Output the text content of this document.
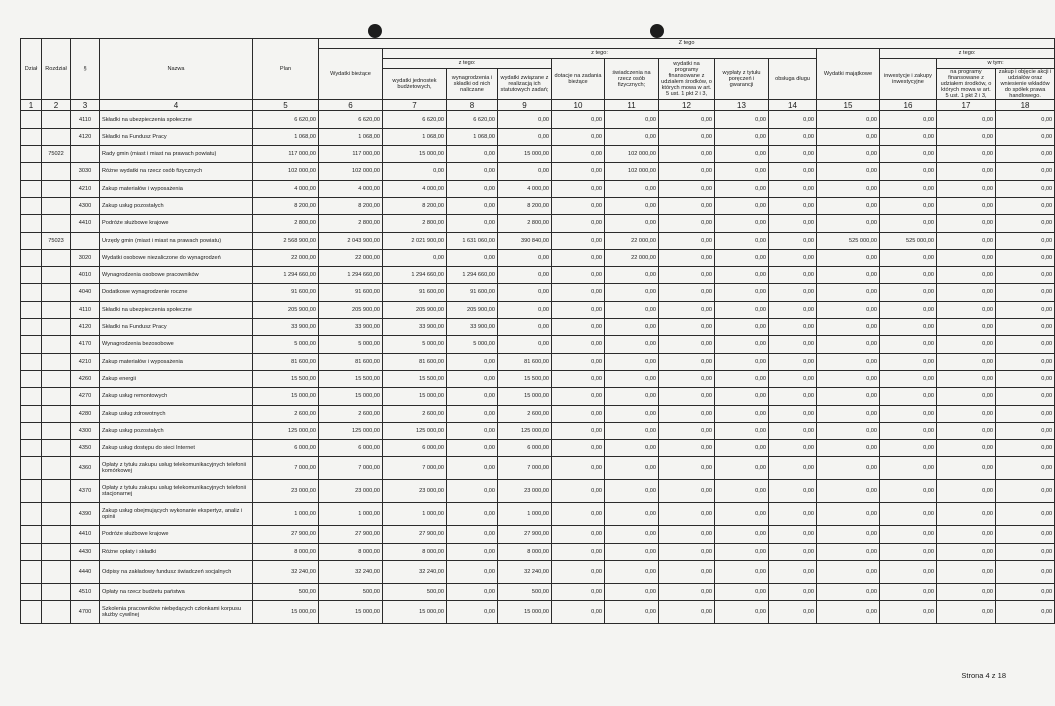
Dział	Rozdział	§	Nazwa	Plan	Z tego												
					Wydatki bieżące	z tego:								Wydatki majątkowe	z tego:		
						z tego:			dotacje na zadania bieżące	świadczenia na rzecz osób fizycznych;	wydatki na programy finansowane z udziałem środków, o których mowa w art. 5 ust. 1 pkt 2 i 3,	wypłaty z tytułu poręczeń i gwarancji	obsługa długu		inwestycje i zakupy inwestycyjne	w tym:	
						wydatki jednostek budżetowych,	wynagrodzenia i składki od nich naliczane	wydatki związane z realizacją ich statutowych zadań;								na programy finansowane z udziałem środków, o których mowa w art. 5 ust. 1 pkt 2 i 3,	zakup i objęcie akcji i udziałów oraz wniesienie wkładów do spółek prawa handlowego.

1	2	3	4	5	6	7	8	9	10	11	12	13	14	15	16	17	18
		4110	Składki na ubezpieczenia społeczne	6 620,00	6 620,00	6 620,00	6 620,00	0,00	0,00	0,00	0,00	0,00	0,00	0,00	0,00	0,00	0,00
		4120	Składki na Fundusz Pracy	1 068,00	1 068,00	1 068,00	1 068,00	0,00	0,00	0,00	0,00	0,00	0,00	0,00	0,00	0,00	0,00
	75022		Rady gmin (miast i miast na prawach powiatu)	117 000,00	117 000,00	15 000,00	0,00	15 000,00	0,00	102 000,00	0,00	0,00	0,00	0,00	0,00	0,00	0,00
		3030	Różne wydatki na rzecz osób fizycznych	102 000,00	102 000,00	0,00	0,00	0,00	0,00	102 000,00	0,00	0,00	0,00	0,00	0,00	0,00	0,00
		4210	Zakup materiałów i wyposażenia	4 000,00	4 000,00	4 000,00	0,00	4 000,00	0,00	0,00	0,00	0,00	0,00	0,00	0,00	0,00	0,00
		4300	Zakup usług pozostałych	8 200,00	8 200,00	8 200,00	0,00	8 200,00	0,00	0,00	0,00	0,00	0,00	0,00	0,00	0,00	0,00
		4410	Podróże służbowe krajowe	2 800,00	2 800,00	2 800,00	0,00	2 800,00	0,00	0,00	0,00	0,00	0,00	0,00	0,00	0,00	0,00
	75023		Urzędy gmin (miast i miast na prawach powiatu)	2 568 900,00	2 043 900,00	2 021 900,00	1 631 060,00	390 840,00	0,00	22 000,00	0,00	0,00	0,00	525 000,00	525 000,00	0,00	0,00
		3020	Wydatki osobowe niezaliczone do wynagrodzeń	22 000,00	22 000,00	0,00	0,00	0,00	0,00	22 000,00	0,00	0,00	0,00	0,00	0,00	0,00	0,00
		4010	Wynagrodzenia osobowe pracowników	1 294 660,00	1 294 660,00	1 294 660,00	1 294 660,00	0,00	0,00	0,00	0,00	0,00	0,00	0,00	0,00	0,00	0,00
		4040	Dodatkowe wynagrodzenie roczne	91 600,00	91 600,00	91 600,00	91 600,00	0,00	0,00	0,00	0,00	0,00	0,00	0,00	0,00	0,00	0,00
		4110	Składki na ubezpieczenia społeczne	205 900,00	205 900,00	205 900,00	205 900,00	0,00	0,00	0,00	0,00	0,00	0,00	0,00	0,00	0,00	0,00
		4120	Składki na Fundusz Pracy	33 900,00	33 900,00	33 900,00	33 900,00	0,00	0,00	0,00	0,00	0,00	0,00	0,00	0,00	0,00	0,00
		4170	Wynagrodzenia bezosobowe	5 000,00	5 000,00	5 000,00	5 000,00	0,00	0,00	0,00	0,00	0,00	0,00	0,00	0,00	0,00	0,00
		4210	Zakup materiałów i wyposażenia	81 600,00	81 600,00	81 600,00	0,00	81 600,00	0,00	0,00	0,00	0,00	0,00	0,00	0,00	0,00	0,00
		4260	Zakup energii	15 500,00	15 500,00	15 500,00	0,00	15 500,00	0,00	0,00	0,00	0,00	0,00	0,00	0,00	0,00	0,00
		4270	Zakup usług remontowych	15 000,00	15 000,00	15 000,00	0,00	15 000,00	0,00	0,00	0,00	0,00	0,00	0,00	0,00	0,00	0,00
		4280	Zakup usług zdrowotnych	2 600,00	2 600,00	2 600,00	0,00	2 600,00	0,00	0,00	0,00	0,00	0,00	0,00	0,00	0,00	0,00
		4300	Zakup usług pozostałych	125 000,00	125 000,00	125 000,00	0,00	125 000,00	0,00	0,00	0,00	0,00	0,00	0,00	0,00	0,00	0,00
		4350	Zakup usług dostępu do sieci Internet	6 000,00	6 000,00	6 000,00	0,00	6 000,00	0,00	0,00	0,00	0,00	0,00	0,00	0,00	0,00	0,00
		4360	Opłaty z tytułu zakupu usług telekomunikacyjnych telefonii komórkowej	7 000,00	7 000,00	7 000,00	0,00	7 000,00	0,00	0,00	0,00	0,00	0,00	0,00	0,00	0,00	0,00
		4370	Opłaty z tytułu zakupu usług telekomunikacyjnych telefonii stacjonarnej	23 000,00	23 000,00	23 000,00	0,00	23 000,00	0,00	0,00	0,00	0,00	0,00	0,00	0,00	0,00	0,00
		4390	Zakup usług obejmujących wykonanie ekspertyz, analiz i opinii	1 000,00	1 000,00	1 000,00	0,00	1 000,00	0,00	0,00	0,00	0,00	0,00	0,00	0,00	0,00	0,00
		4410	Podróże służbowe krajowe	27 900,00	27 900,00	27 900,00	0,00	27 900,00	0,00	0,00	0,00	0,00	0,00	0,00	0,00	0,00	0,00
		4430	Różne opłaty i składki	8 000,00	8 000,00	8 000,00	0,00	8 000,00	0,00	0,00	0,00	0,00	0,00	0,00	0,00	0,00	0,00
		4440	Odpisy na zakładowy fundusz świadczeń socjalnych	32 240,00	32 240,00	32 240,00	0,00	32 240,00	0,00	0,00	0,00	0,00	0,00	0,00	0,00	0,00	0,00
		4510	Opłaty na rzecz budżetu państwa	500,00	500,00	500,00	0,00	500,00	0,00	0,00	0,00	0,00	0,00	0,00	0,00	0,00	0,00
		4700	Szkolenia pracowników niebędących członkami korpusu służby cywilnej	15 000,00	15 000,00	15 000,00	0,00	15 000,00	0,00	0,00	0,00	0,00	0,00	0,00	0,00	0,00	0,00
Strona 4 z 18
